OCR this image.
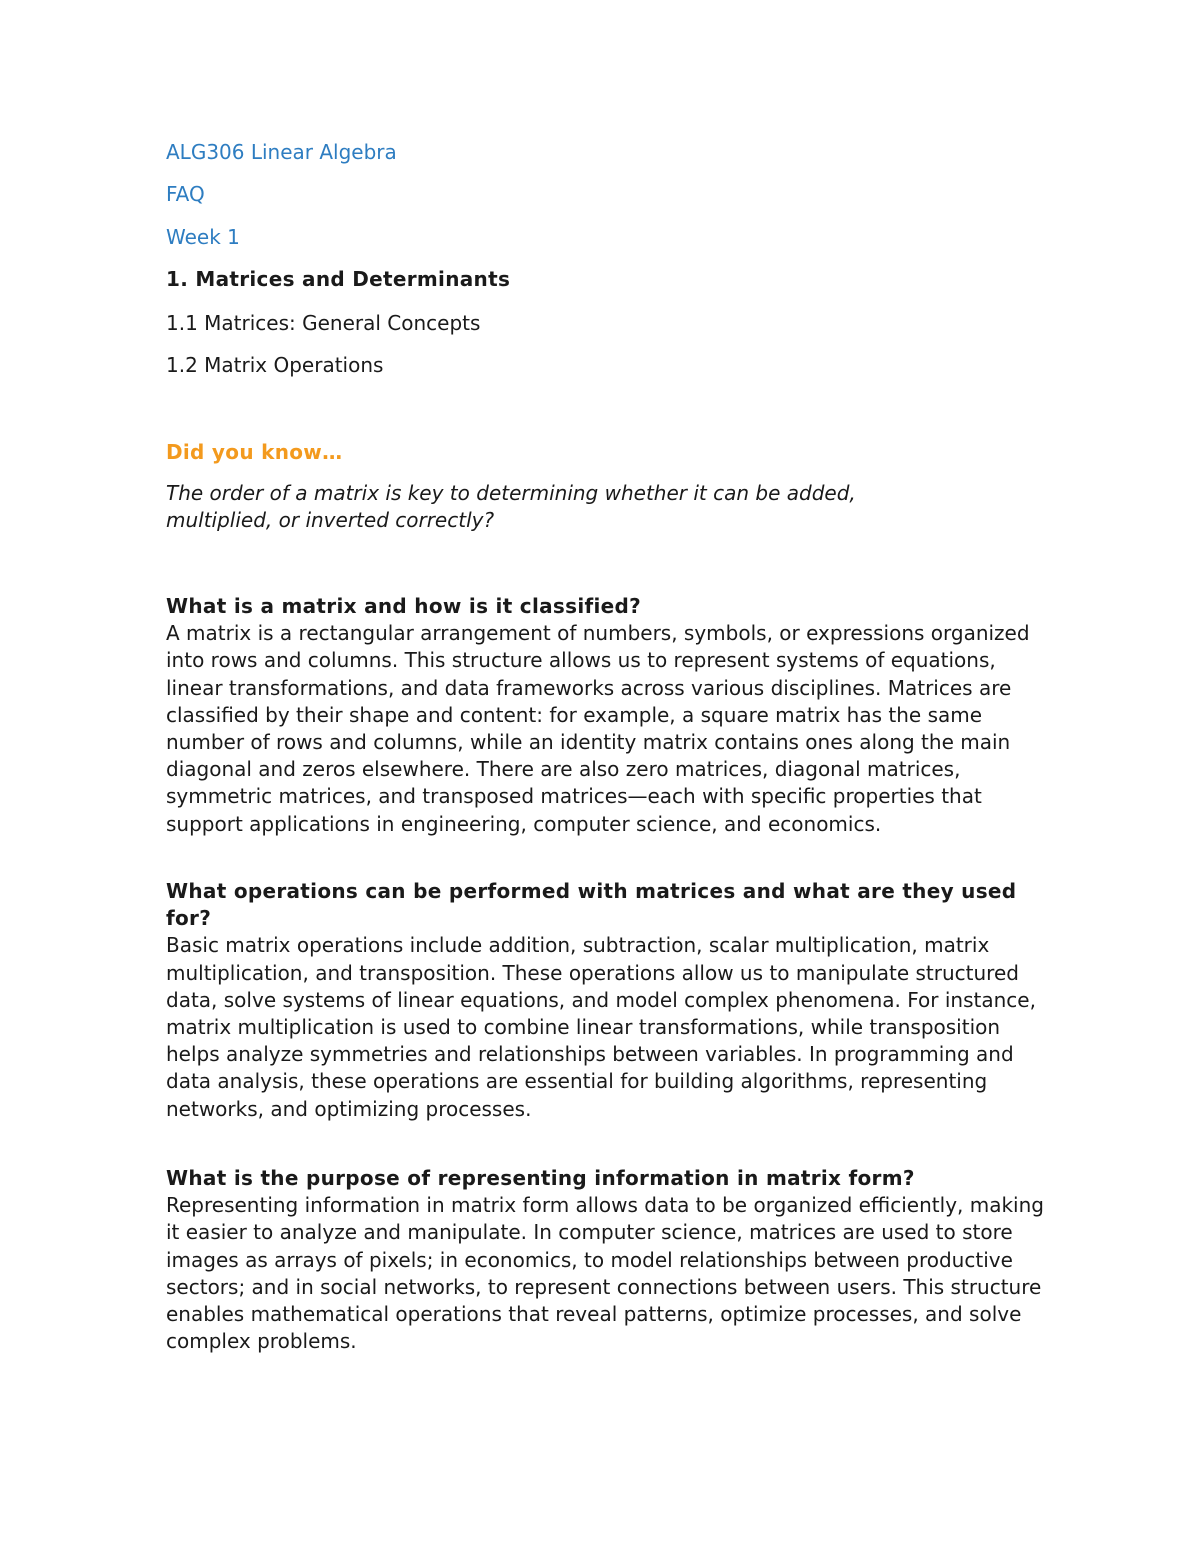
ALG306 Linear Algebra
FAQ
Week 1
1. Matrices and Determinants
1.1 Matrices: General Concepts
1.2 Matrix Operations
Did you know…
The order of a matrix is key to determining whether it can be added, multiplied, or inverted correctly?
What is a matrix and how is it classified?
A matrix is a rectangular arrangement of numbers, symbols, or expressions organized into rows and columns. This structure allows us to represent systems of equations, linear transformations, and data frameworks across various disciplines. Matrices are classified by their shape and content: for example, a square matrix has the same number of rows and columns, while an identity matrix contains ones along the main diagonal and zeros elsewhere. There are also zero matrices, diagonal matrices, symmetric matrices, and transposed matrices—each with specific properties that support applications in engineering, computer science, and economics.
What operations can be performed with matrices and what are they used for?
Basic matrix operations include addition, subtraction, scalar multiplication, matrix multiplication, and transposition. These operations allow us to manipulate structured data, solve systems of linear equations, and model complex phenomena. For instance, matrix multiplication is used to combine linear transformations, while transposition helps analyze symmetries and relationships between variables. In programming and data analysis, these operations are essential for building algorithms, representing networks, and optimizing processes.
What is the purpose of representing information in matrix form?
Representing information in matrix form allows data to be organized efficiently, making it easier to analyze and manipulate. In computer science, matrices are used to store images as arrays of pixels; in economics, to model relationships between productive sectors; and in social networks, to represent connections between users. This structure enables mathematical operations that reveal patterns, optimize processes, and solve complex problems.
